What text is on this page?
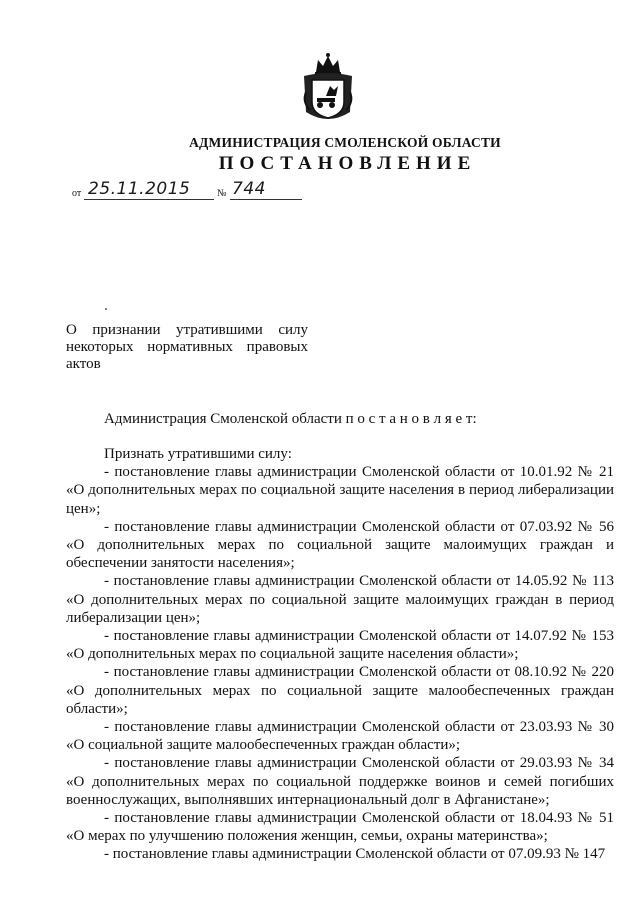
АДМИНИСТРАЦИЯ СМОЛЕНСКОЙ ОБЛАСТИ
ПОСТАНОВЛЕНИЕ
от 25.11.2015	№ 744
О признании утратившими силу некоторых нормативных правовых актов
Администрация Смоленской области п о с т а н о в л я е т:

Признать утратившими силу:

- постановление главы администрации Смоленской области от 10.01.92 № 21 «О дополнительных мерах по социальной защите населения в период либерализации цен»;

- постановление главы администрации Смоленской области от 07.03.92 № 56 «О дополнительных мерах по социальной защите малоимущих граждан и обеспечении занятости населения»;

- постановление главы администрации Смоленской области от 14.05.92 № 113 «О дополнительных мерах по социальной защите малоимущих граждан в период либерализации цен»;

- постановление главы администрации Смоленской области от 14.07.92 № 153 «О дополнительных мерах по социальной защите населения области»;

- постановление главы администрации Смоленской области от 08.10.92 № 220 «О дополнительных мерах по социальной защите малообеспеченных граждан области»;

- постановление главы администрации Смоленской области от 23.03.93 № 30 «О социальной защите малообеспеченных граждан области»;

- постановление главы администрации Смоленской области от 29.03.93 № 34 «О дополнительных мерах по социальной поддержке воинов и семей погибших военнослужащих, выполнявших интернациональный долг в Афганистане»;

- постановление главы администрации Смоленской области от 18.04.93 № 51 «О мерах по улучшению положения женщин, семьи, охраны материнства»;

- постановление главы администрации Смоленской области от 07.09.93 № 147
